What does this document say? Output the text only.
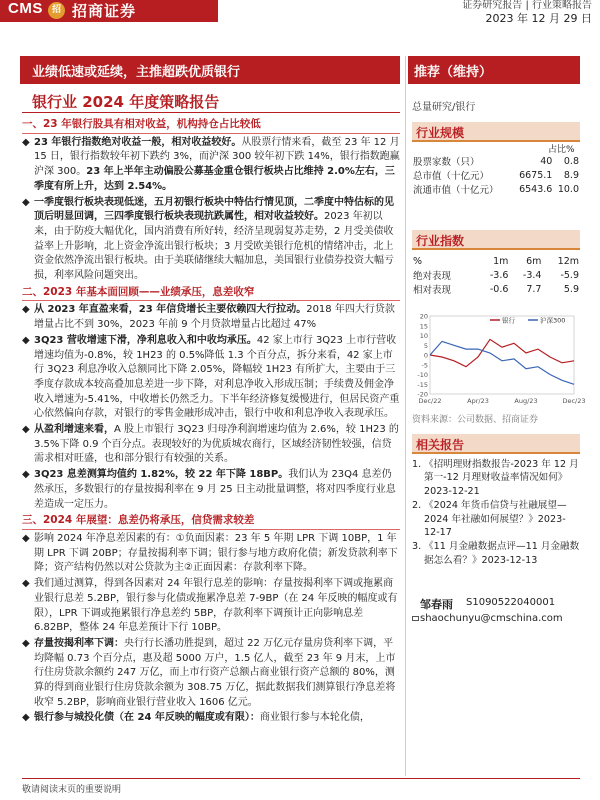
CMS	招 招商证券	证券研究报告 | 行业策略报告
2023 年 12 月 29 日
业绩低速或延续，主推超跌优质银行	推荐（维持）
银行业 2024 年度策略报告
一、23 年银行股具有相对收益，机构持仓占比较低
◆ 23 年银行指数绝对收益一般，相对收益较好。从股票行情来看，截至 23 年 12 月 15 日，银行指数较年初下跌约 3%，而沪深 300 较年初下跌 14%，银行指数跑赢沪深 300。23 年上半年主动偏股公募基金重仓银行板块占比维持 2.0%左右，三季度有所上升，达到 2.54%。
◆ 一季度银行板块表现低迷，五月初银行板块中特估行情见顶，二季度中特估标的见顶后明显回调，三四季度银行板块表现抗跌属性，相对收益较好。2023 年初以来，由于防疫大幅优化，国内消费有所好转，经济呈现弱复苏走势，2 月受美债收益率上升影响，北上资金净流出银行板块；3 月受欧美银行危机的情绪冲击，北上资金依然净流出银行板块。由于美联储继续大幅加息，美国银行业债券投资大幅亏损，利率风险问题突出。
二、2023 年基本面回顾——业绩承压，息差收窄
◆ 从 2023 年直盈来看，23 年信贷增长主要依赖四大行拉动。2018 年四大行贷款增量占比不到 30%，2023 年前 9 个月贷款增量占比超过 47%
◆ 3Q23 营收增速下滑，净利息收入和中收均承压。42 家上市行 3Q23 上市行营收增速均值为-0.8%，较 1H23 的 0.5%降低 1.3 个百分点，拆分来看，42 家上市行 3Q23 利息净收入总额同比下降 2.05%，降幅较 1H23 有所扩大，主要由于三季度存款成本较高叠加息差进一步下降，对利息净收入形成压制；手续费及佣金净收入增速为-5.41%，中收增长仍然乏力。下半年经济修复缓慢进行，但居民资产重心依然偏向存款，对银行的零售金融形成冲击，银行中收和利息净收入表现承压。
◆ 从盈利增速来看，A 股上市银行 3Q23 归母净利润增速均值为 2.6%，较 1H23 的 3.5%下降 0.9 个百分点。表现较好的为优质城农商行，区域经济韧性较强，信贷需求相对旺盛，也和部分银行有较强的关系。
◆ 3Q23 息差测算均值约 1.82%，较 22 年下降 18BP。我们认为 23Q4 息差仍然承压，多数银行的存量按揭利率在 9 月 25 日主动批量调整，将对四季度行业息差造成一定压力。
三、2024 年展望：息差仍将承压，信贷需求较差
◆ 影响 2024 年净息差因素的有：①负面因素：23 年 5 年期 LPR 下调 10BP，1 年期 LPR 下调 20BP；存量按揭利率下调；银行参与地方政府化债；新发贷款利率下降；资产结构仍然以对公贷款为主②正面因素：存款利率下降。
◆ 我们通过测算，得到各因素对 24 年银行息差的影响：存量按揭利率下调或拖累商业银行息差 5.2BP，银行参与化债或拖累净息差 7-9BP（在 24 年反映的幅度或有限），LPR 下调或拖累银行净息差约 5BP，存款利率下调预计正向影响息差 6.82BP，整体 24 年息差预计下行 10BP。
◆ 存量按揭利率下调：央行行长潘功胜提到，超过 22 万亿元存量房贷利率下调，平均降幅 0.73 个百分点，惠及超 5000 万户，1.5 亿人，截至 23 年 9 月末，上市行住房贷款余额约 247 万亿，而上市行资产总额占商业银行资产总额的 80%，测算的得到商业银行住房贷款余额为 308.75 万亿，据此数据我们测算银行净息差将收窄 5.2BP，影响商业银行营业收入 1606 亿元。
◆ 银行参与城投化债（在 24 年反映的幅度或有限）：商业银行参与本轮化债，
总量研究/银行
行业规模
占比%
股票家数（只）	40	0.8
总市值（十亿元）	6675.1	8.9
流通市值（十亿元）	6543.6	10.0
行业指数
%	1m	6m	12m
绝对表现	-3.6	-3.4	-5.9
相对表现	-0.6	7.7	5.9
20
15
10
5
0
-5
-10
-15
-20
Dec/22	Apr/23	Aug/23	Dec/23
银行	沪深300
资料来源：公司数据、招商证券
相关报告
1. 《招明理财指数报告-2023 年 12 月第一-12 月理财收益率情况如何》2023-12-21
2. 《2024 年货币信贷与社融展望—2024 年社融如何展望？》2023-12-17
3. 《11 月金融数据点评—11 月金融数据怎么看？》2023-12-13
邹春雨 S1090522040001
shaochunyu@cmschina.com
敬请阅读末页的重要说明
